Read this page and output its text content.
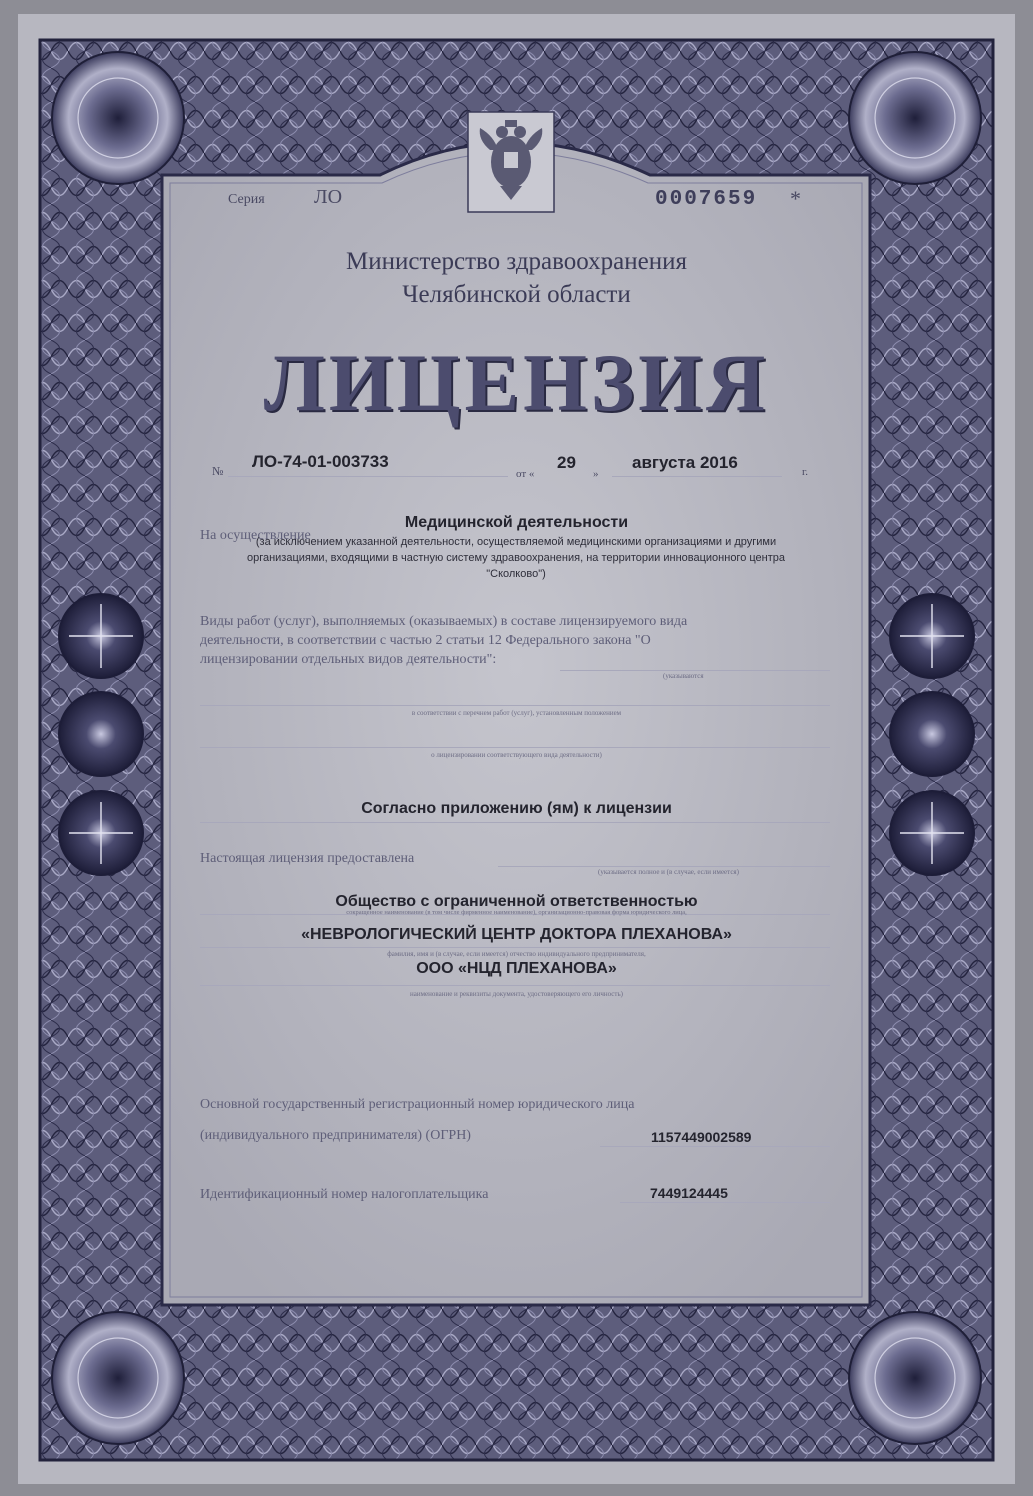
Серия ЛО	0007659 *
Министерство здравоохранения
Челябинской области
ЛИЦЕНЗИЯ
№ ЛО-74-01-003733
от «
29
»
августа 2016	г.
На осуществление
Медицинской деятельности
(за исключением указанной деятельности, осуществляемой медицинскими организациями и другими
организациями, входящими в частную систему здравоохранения, на территории инновационного центра
"Сколково")
Виды работ (услуг), выполняемых (оказываемых) в составе лицензируемого вида
деятельности, в соответствии с частью 2 статьи 12 Федерального закона "О
лицензировании отдельных видов деятельности":
(указываются
в соответствии с перечнем работ (услуг), установленным положением
о лицензировании соответствующего вида деятельности)
Согласно приложению (ям) к лицензии
Настоящая лицензия предоставлена
(указывается полное и (в случае, если имеется)
Общество с ограниченной ответственностью
сокращенное наименование (в том числе фирменное наименование), организационно-правовая форма юридического лица,
«НЕВРОЛОГИЧЕСКИЙ ЦЕНТР ДОКТОРА ПЛЕХАНОВА»
фамилия, имя и (в случае, если имеется) отчество индивидуального предпринимателя,
ООО «НЦД ПЛЕХАНОВА»
наименование и реквизиты документа, удостоверяющего его личность)
Основной государственный регистрационный номер юридического лица
(индивидуального предпринимателя) (ОГРН)	1157449002589
Идентификационный номер налогоплательщика	7449124445
